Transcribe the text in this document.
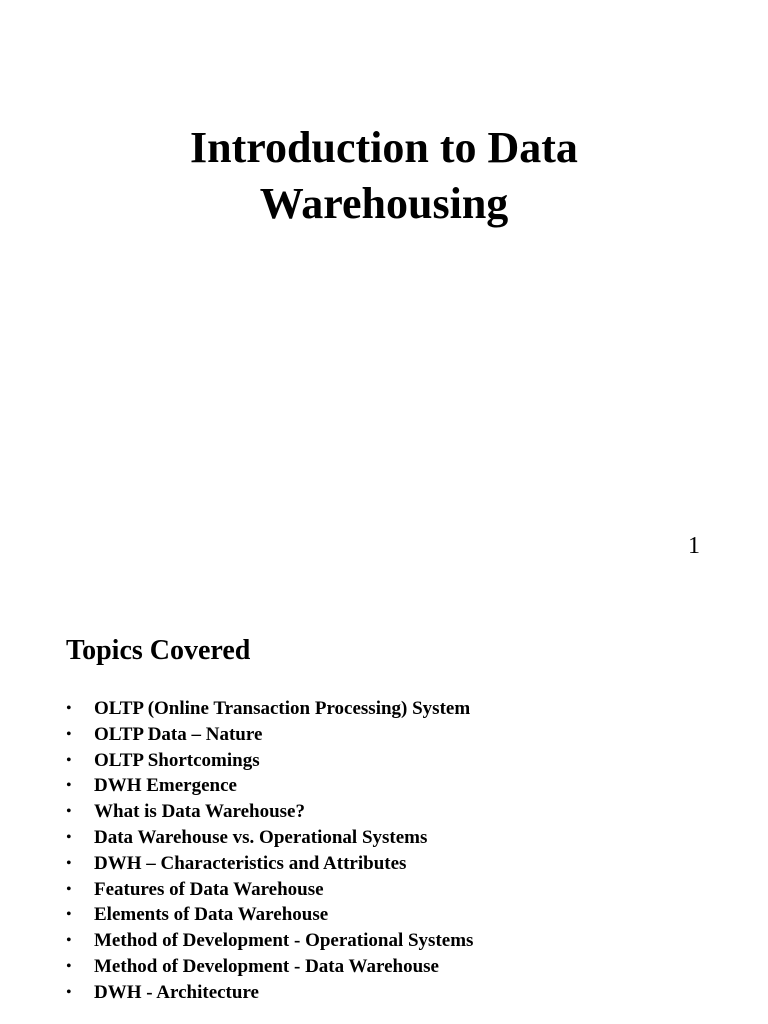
Introduction to Data
Warehousing
1
Topics Covered
• OLTP (Online Transaction Processing) System
• OLTP Data – Nature
• OLTP Shortcomings
• DWH Emergence
• What is Data Warehouse?
• Data Warehouse vs. Operational Systems
• DWH – Characteristics and Attributes
• Features of Data Warehouse
• Elements of Data Warehouse
• Method of Development - Operational Systems
• Method of Development - Data Warehouse
• DWH - Architecture
